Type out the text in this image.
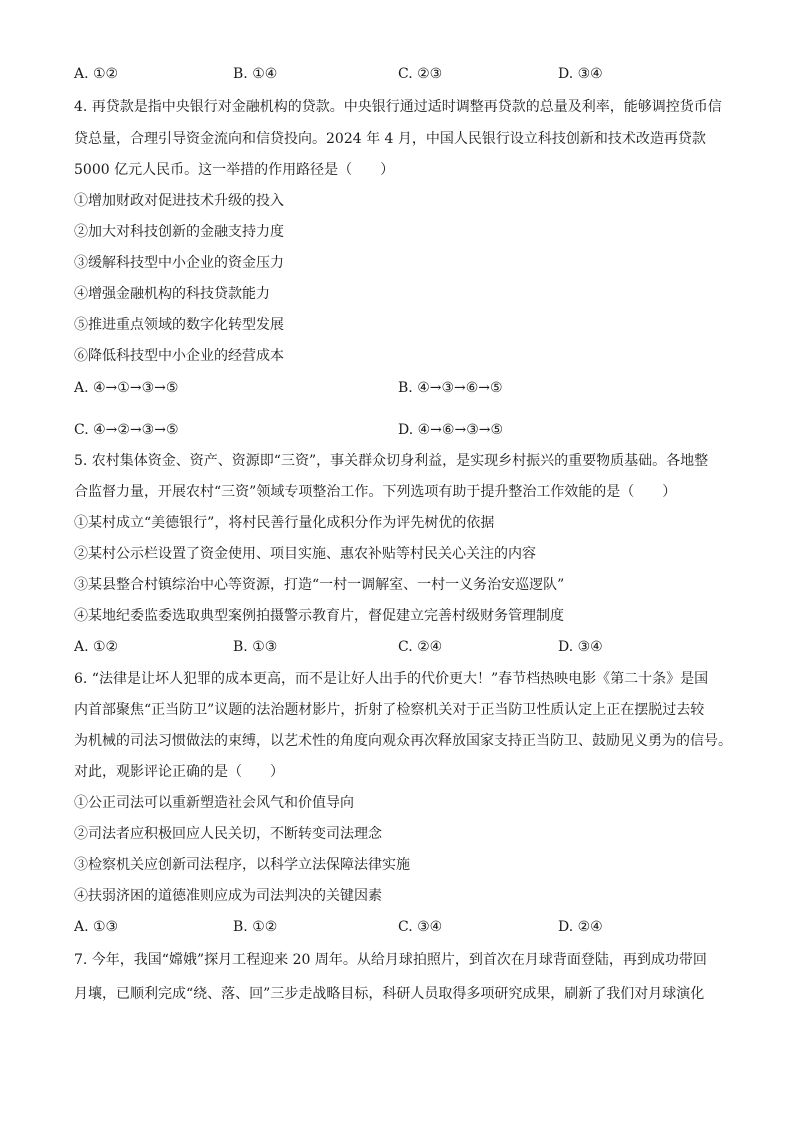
A. ①②	B. ①④	C. ②③	D. ③④
4. 再贷款是指中央银行对金融机构的贷款。中央银行通过适时调整再贷款的总量及利率，能够调控货币信
贷总量，合理引导资金流向和信贷投向。2024 年 4 月，中国人民银行设立科技创新和技术改造再贷款
5000 亿元人民币。这一举措的作用路径是（　　）
①增加财政对促进技术升级的投入
②加大对科技创新的金融支持力度
③缓解科技型中小企业的资金压力
④增强金融机构的科技贷款能力
⑤推进重点领域的数字化转型发展
⑥降低科技型中小企业的经营成本
A. ④→①→③→⑤	B. ④→③→⑥→⑤
C. ④→②→③→⑤	D. ④→⑥→③→⑤
5. 农村集体资金、资产、资源即“三资”，事关群众切身利益，是实现乡村振兴的重要物质基础。各地整
合监督力量，开展农村“三资”领域专项整治工作。下列选项有助于提升整治工作效能的是（　　）
①某村成立“美德银行”，将村民善行量化成积分作为评先树优的依据
②某村公示栏设置了资金使用、项目实施、惠农补贴等村民关心关注的内容
③某县整合村镇综治中心等资源，打造“一村一调解室、一村一义务治安巡逻队”
④某地纪委监委选取典型案例拍摄警示教育片，督促建立完善村级财务管理制度
A. ①②	B. ①③	C. ②④	D. ③④
6. “法律是让坏人犯罪的成本更高，而不是让好人出手的代价更大！”春节档热映电影《第二十条》是国
内首部聚焦“正当防卫”议题的法治题材影片，折射了检察机关对于正当防卫性质认定上正在摆脱过去较
为机械的司法习惯做法的束缚，以艺术性的角度向观众再次释放国家支持正当防卫、鼓励见义勇为的信号。
对此，观影评论正确的是（　　）
①公正司法可以重新塑造社会风气和价值导向
②司法者应积极回应人民关切，不断转变司法理念
③检察机关应创新司法程序，以科学立法保障法律实施
④扶弱济困的道德准则应成为司法判决的关键因素
A. ①③	B. ①②	C. ③④	D. ②④
7. 今年，我国“嫦娥”探月工程迎来 20 周年。从给月球拍照片，到首次在月球背面登陆，再到成功带回
月壤，已顺利完成“绕、落、回”三步走战略目标，科研人员取得多项研究成果，刷新了我们对月球演化
